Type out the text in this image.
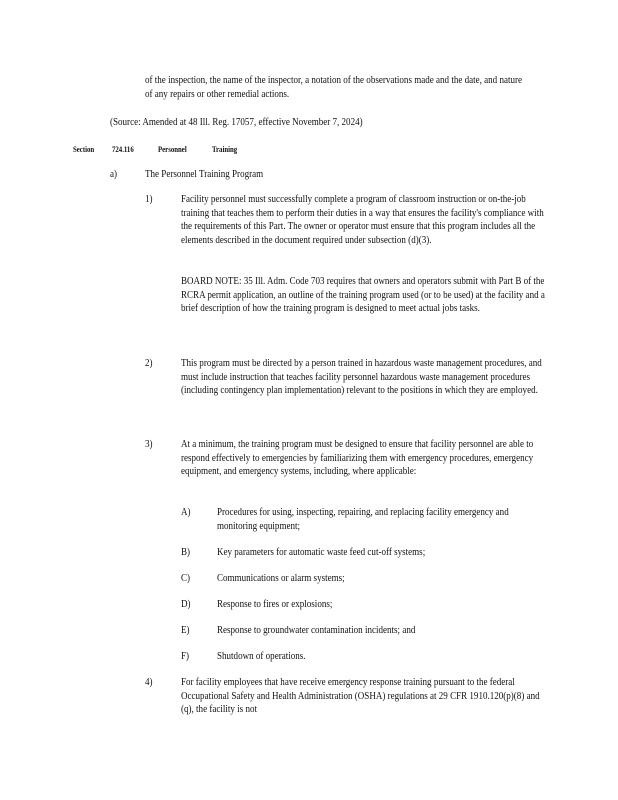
of the inspection, the name of the inspector, a notation of the observations made and the date, and nature of any repairs or other remedial actions.

(Source: Amended at 48 Ill. Reg. 17057, effective November 7, 2024)

Section 724.116	Personnel	Training
a)	The Personnel Training Program
1)	Facility personnel must successfully complete a program of classroom instruction or on-the-job training that teaches them to perform their duties in a way that ensures the facility's compliance with the requirements of this Part. The owner or operator must ensure that this program includes all the elements described in the document required under subsection (d)(3).

BOARD NOTE: 35 Ill. Adm. Code 703 requires that owners and operators submit with Part B of the RCRA permit application, an outline of the training program used (or to be used) at the facility and a brief description of how the training program is designed to meet actual jobs tasks.

2)	This program must be directed by a person trained in hazardous waste management procedures, and must include instruction that teaches facility personnel hazardous waste management procedures (including contingency plan implementation) relevant to the positions in which they are employed.

3)	At a minimum, the training program must be designed to ensure that facility personnel are able to respond effectively to emergencies by familiarizing them with emergency procedures, emergency equipment, and emergency systems, including, where applicable:

A)	Procedures for using, inspecting, repairing, and replacing facility emergency and monitoring equipment;

B)	Key parameters for automatic waste feed cut-off systems;

C)	Communications or alarm systems;

D)	Response to fires or explosions;

E)	Response to groundwater contamination incidents; and

F)	Shutdown of operations.

4)	For facility employees that have receive emergency response training pursuant to the federal Occupational Safety and Health Administration (OSHA) regulations at 29 CFR 1910.120(p)(8) and (q), the facility is not
